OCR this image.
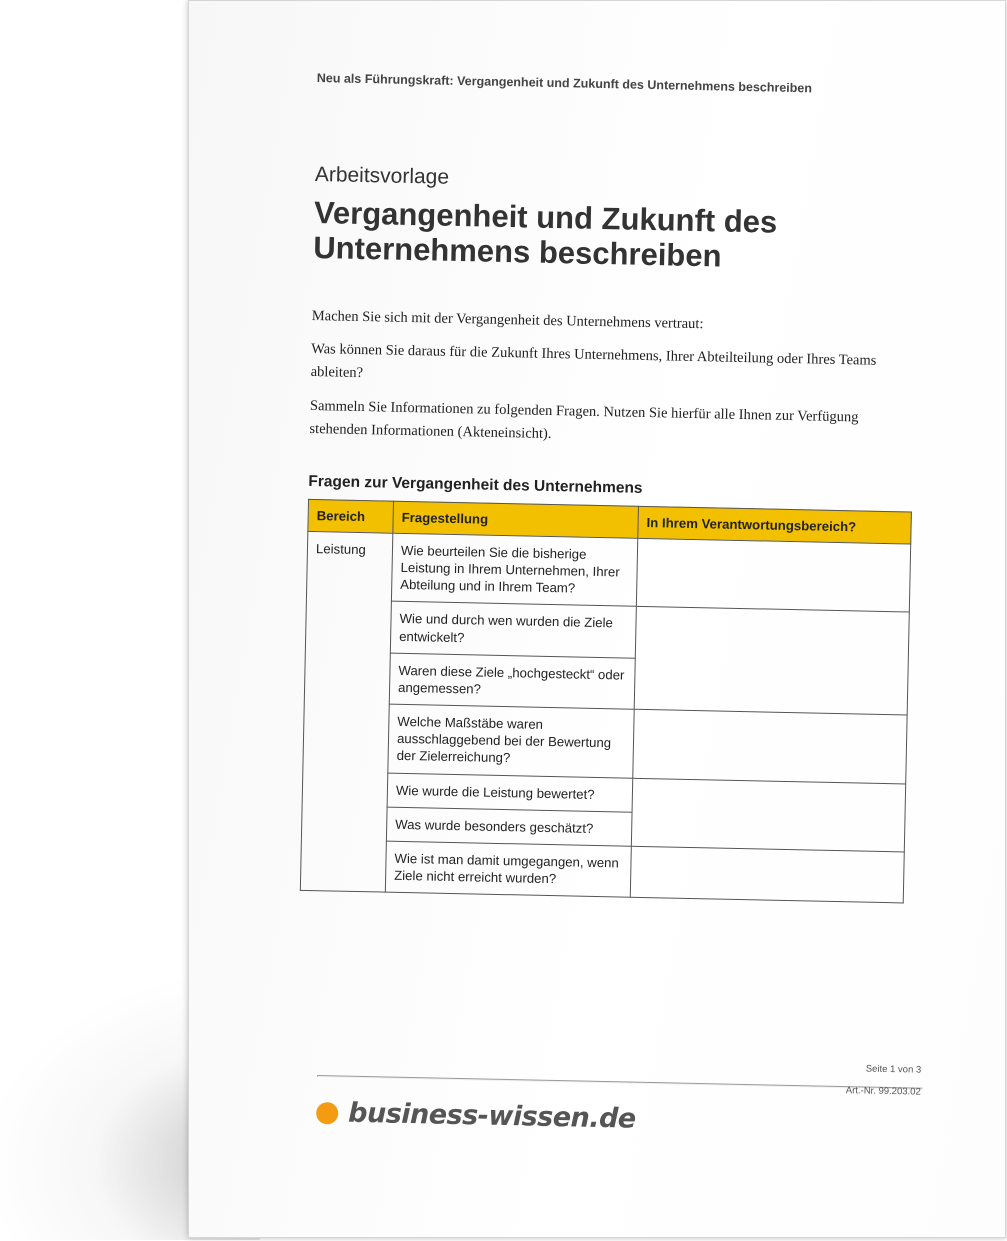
Neu als Führungskraft: Vergangenheit und Zukunft des Unternehmens beschreiben
Arbeitsvorlage
Vergangenheit und Zukunft des Unternehmens beschreiben

Machen Sie sich mit der Vergangenheit des Unternehmens vertraut:

Was können Sie daraus für die Zukunft Ihres Unternehmens, Ihrer Abteilteilung oder Ihres Teams ableiten?

Sammeln Sie Informationen zu folgenden Fragen. Nutzen Sie hierfür alle Ihnen zur Verfügung stehenden Informationen (Akteneinsicht).

Fragen zur Vergangenheit des Unternehmens
Bereich	Fragestellung	In Ihrem Verantwortungsbereich?
Leistung	Wie beurteilen Sie die bisherige Leistung in Ihrem Unternehmen, Ihrer Abteilung und in Ihrem Team?	
	Wie und durch wen wurden die Ziele entwickelt?	
	Waren diese Ziele „hochgesteckt“ oder angemessen?	
	Welche Maßstäbe waren ausschlaggebend bei der Bewertung der Zielerreichung?	
	Wie wurde die Leistung bewertet?	
	Was wurde besonders geschätzt?	
	Wie ist man damit umgegangen, wenn Ziele nicht erreicht wurden?	
Seite 1 von 3
Art.-Nr. 99.203.02
business-wissen.de
